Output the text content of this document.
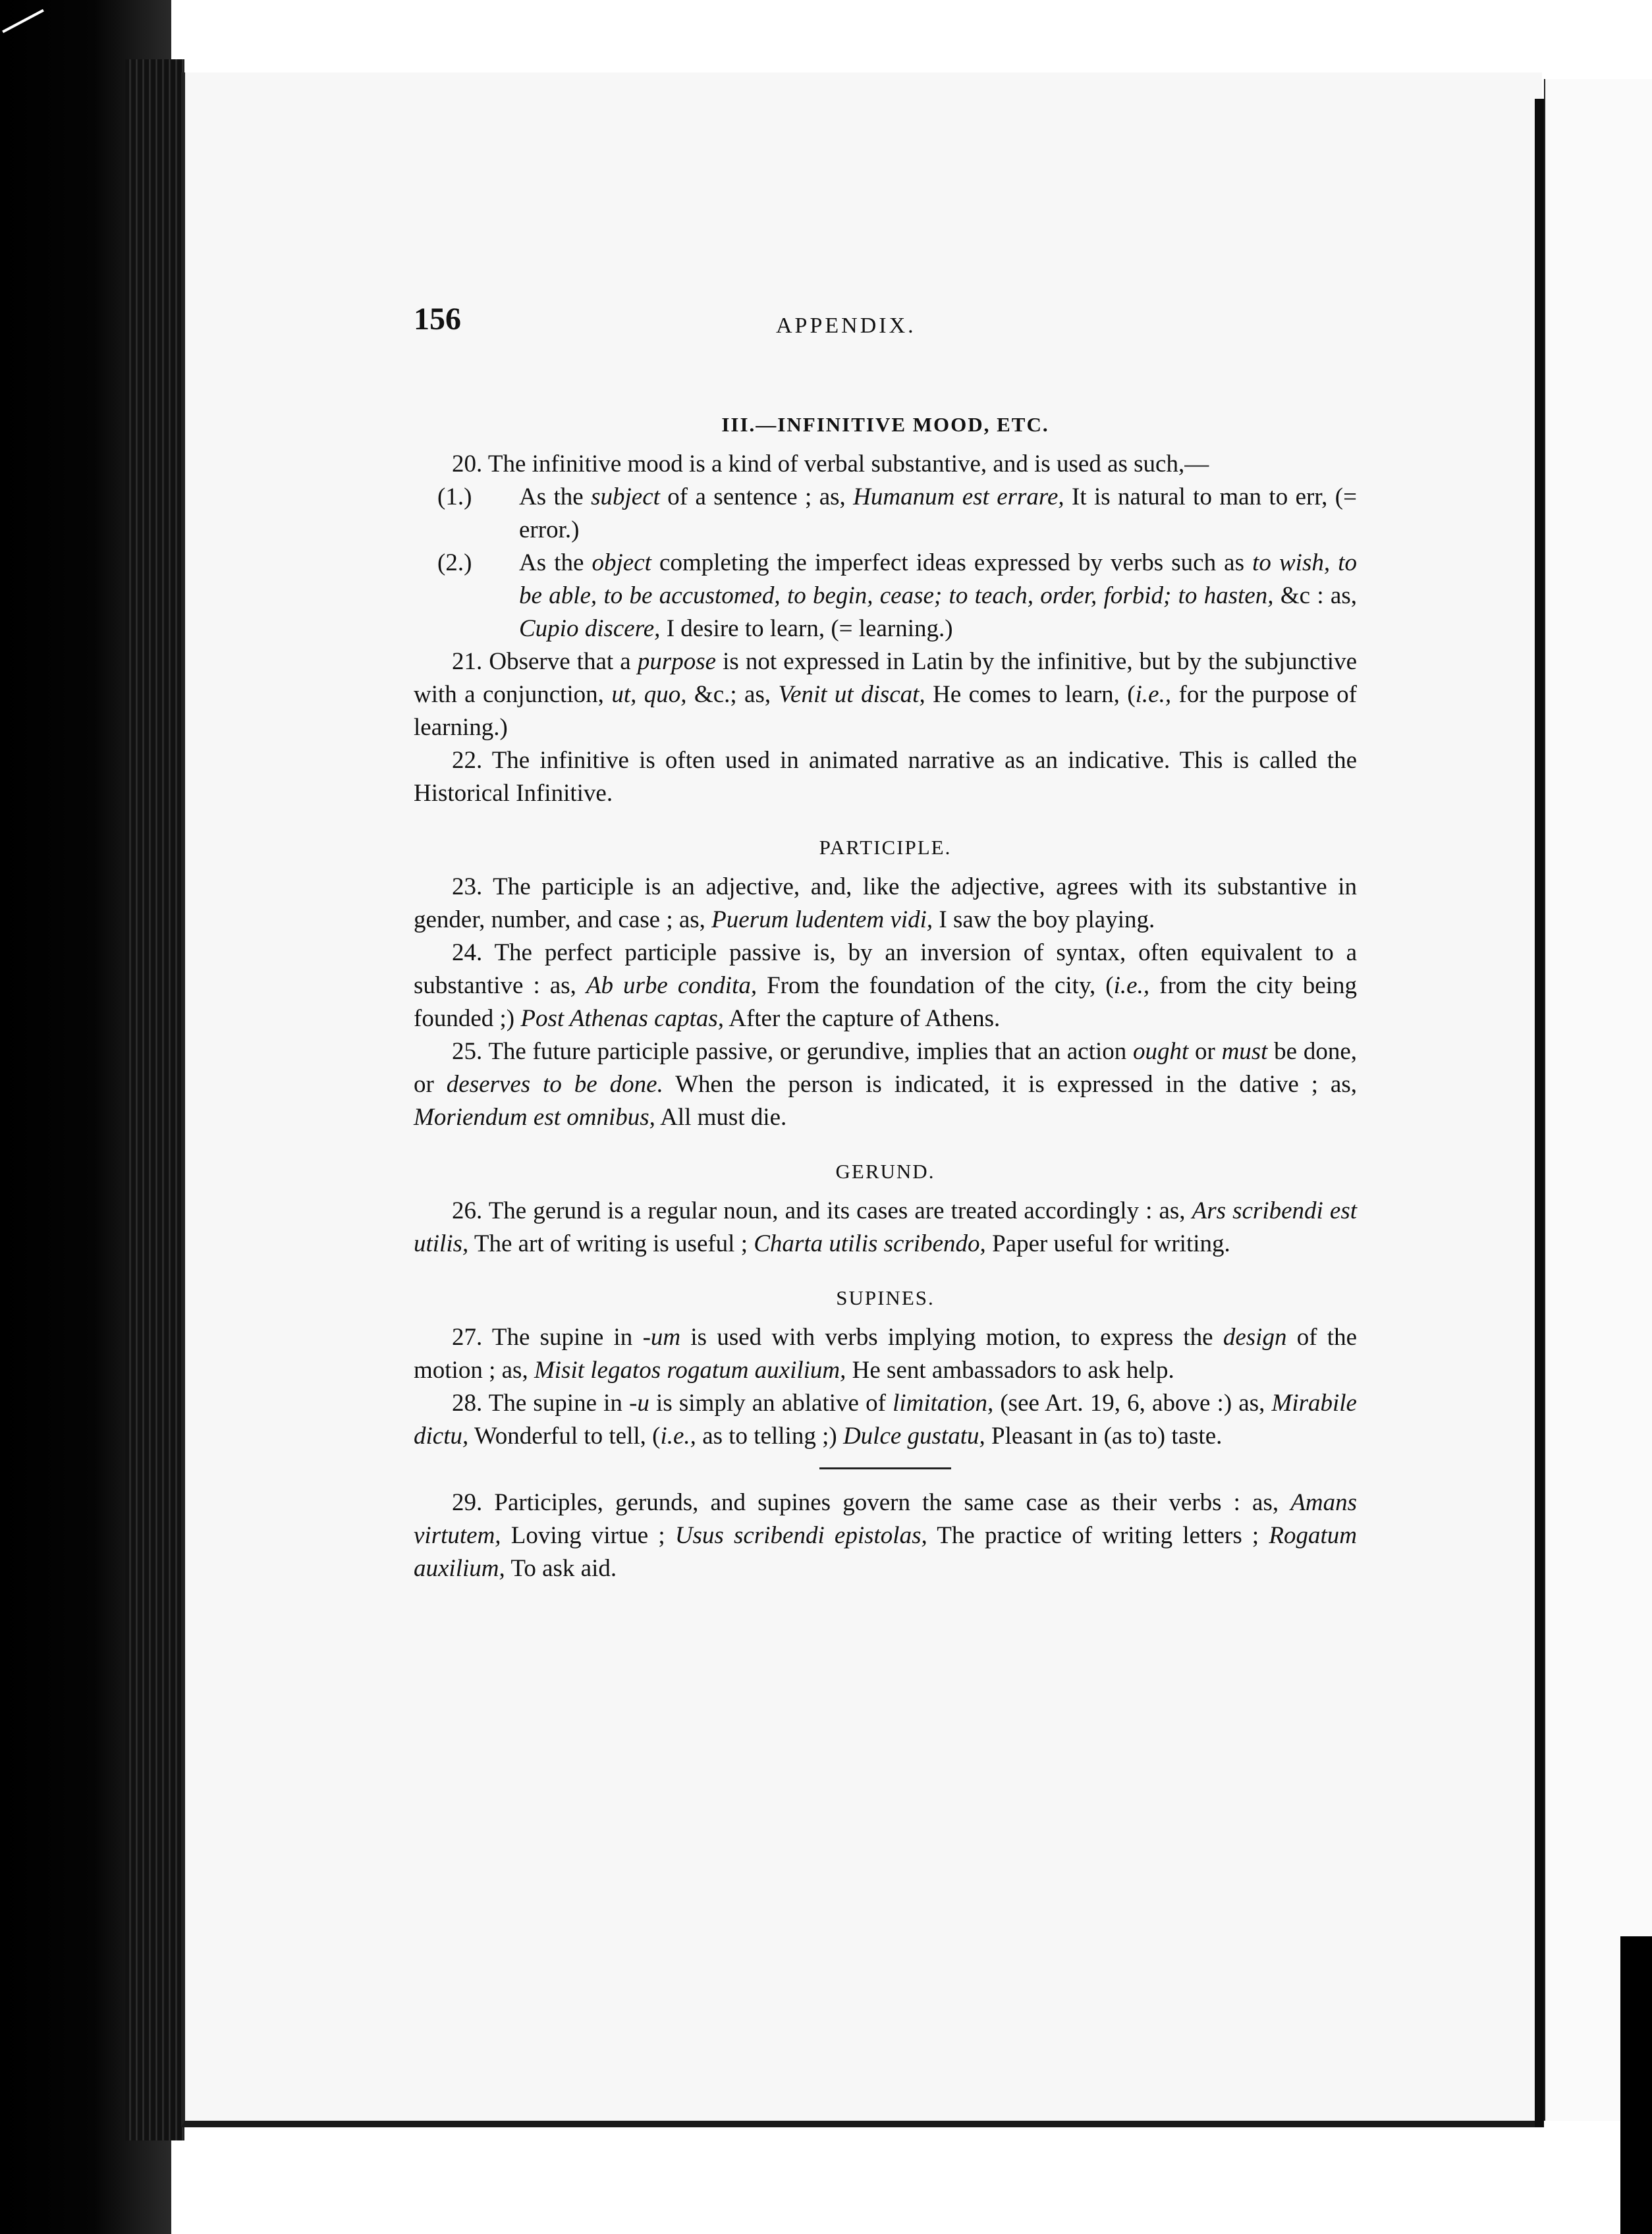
156	APPENDIX.
III.—INFINITIVE MOOD, ETC.

20. The infinitive mood is a kind of verbal substantive, and is used as such,—

(1.) As the subject of a sentence ; as, Humanum est errare, It is natural to man to err, (= error.)
(2.) As the object completing the imperfect ideas expressed by verbs such as to wish, to be able, to be accustomed, to begin, cease; to teach, order, forbid; to hasten, &c : as, Cupio discere, I desire to learn, (= learning.)

21. Observe that a purpose is not expressed in Latin by the infinitive, but by the subjunctive with a conjunction, ut, quo, &c.; as, Venit ut discat, He comes to learn, (i.e., for the purpose of learning.)

22. The infinitive is often used in animated narrative as an indicative. This is called the Historical Infinitive.

PARTICIPLE.

23. The participle is an adjective, and, like the adjective, agrees with its substantive in gender, number, and case ; as, Puerum ludentem vidi, I saw the boy playing.

24. The perfect participle passive is, by an inversion of syntax, often equivalent to a substantive : as, Ab urbe condita, From the foundation of the city, (i.e., from the city being founded ;) Post Athenas captas, After the capture of Athens.

25. The future participle passive, or gerundive, implies that an action ought or must be done, or deserves to be done. When the person is indicated, it is expressed in the dative ; as, Moriendum est omnibus, All must die.

GERUND.

26. The gerund is a regular noun, and its cases are treated accordingly : as, Ars scribendi est utilis, The art of writing is useful ; Charta utilis scribendo, Paper useful for writing.

SUPINES.

27. The supine in -um is used with verbs implying motion, to express the design of the motion ; as, Misit legatos rogatum auxilium, He sent ambassadors to ask help.

28. The supine in -u is simply an ablative of limitation, (see Art. 19, 6, above :) as, Mirabile dictu, Wonderful to tell, (i.e., as to telling ;) Dulce gustatu, Pleasant in (as to) taste.

29. Participles, gerunds, and supines govern the same case as their verbs : as, Amans virtutem, Loving virtue ; Usus scribendi epistolas, The practice of writing letters ; Rogatum auxilium, To ask aid.
